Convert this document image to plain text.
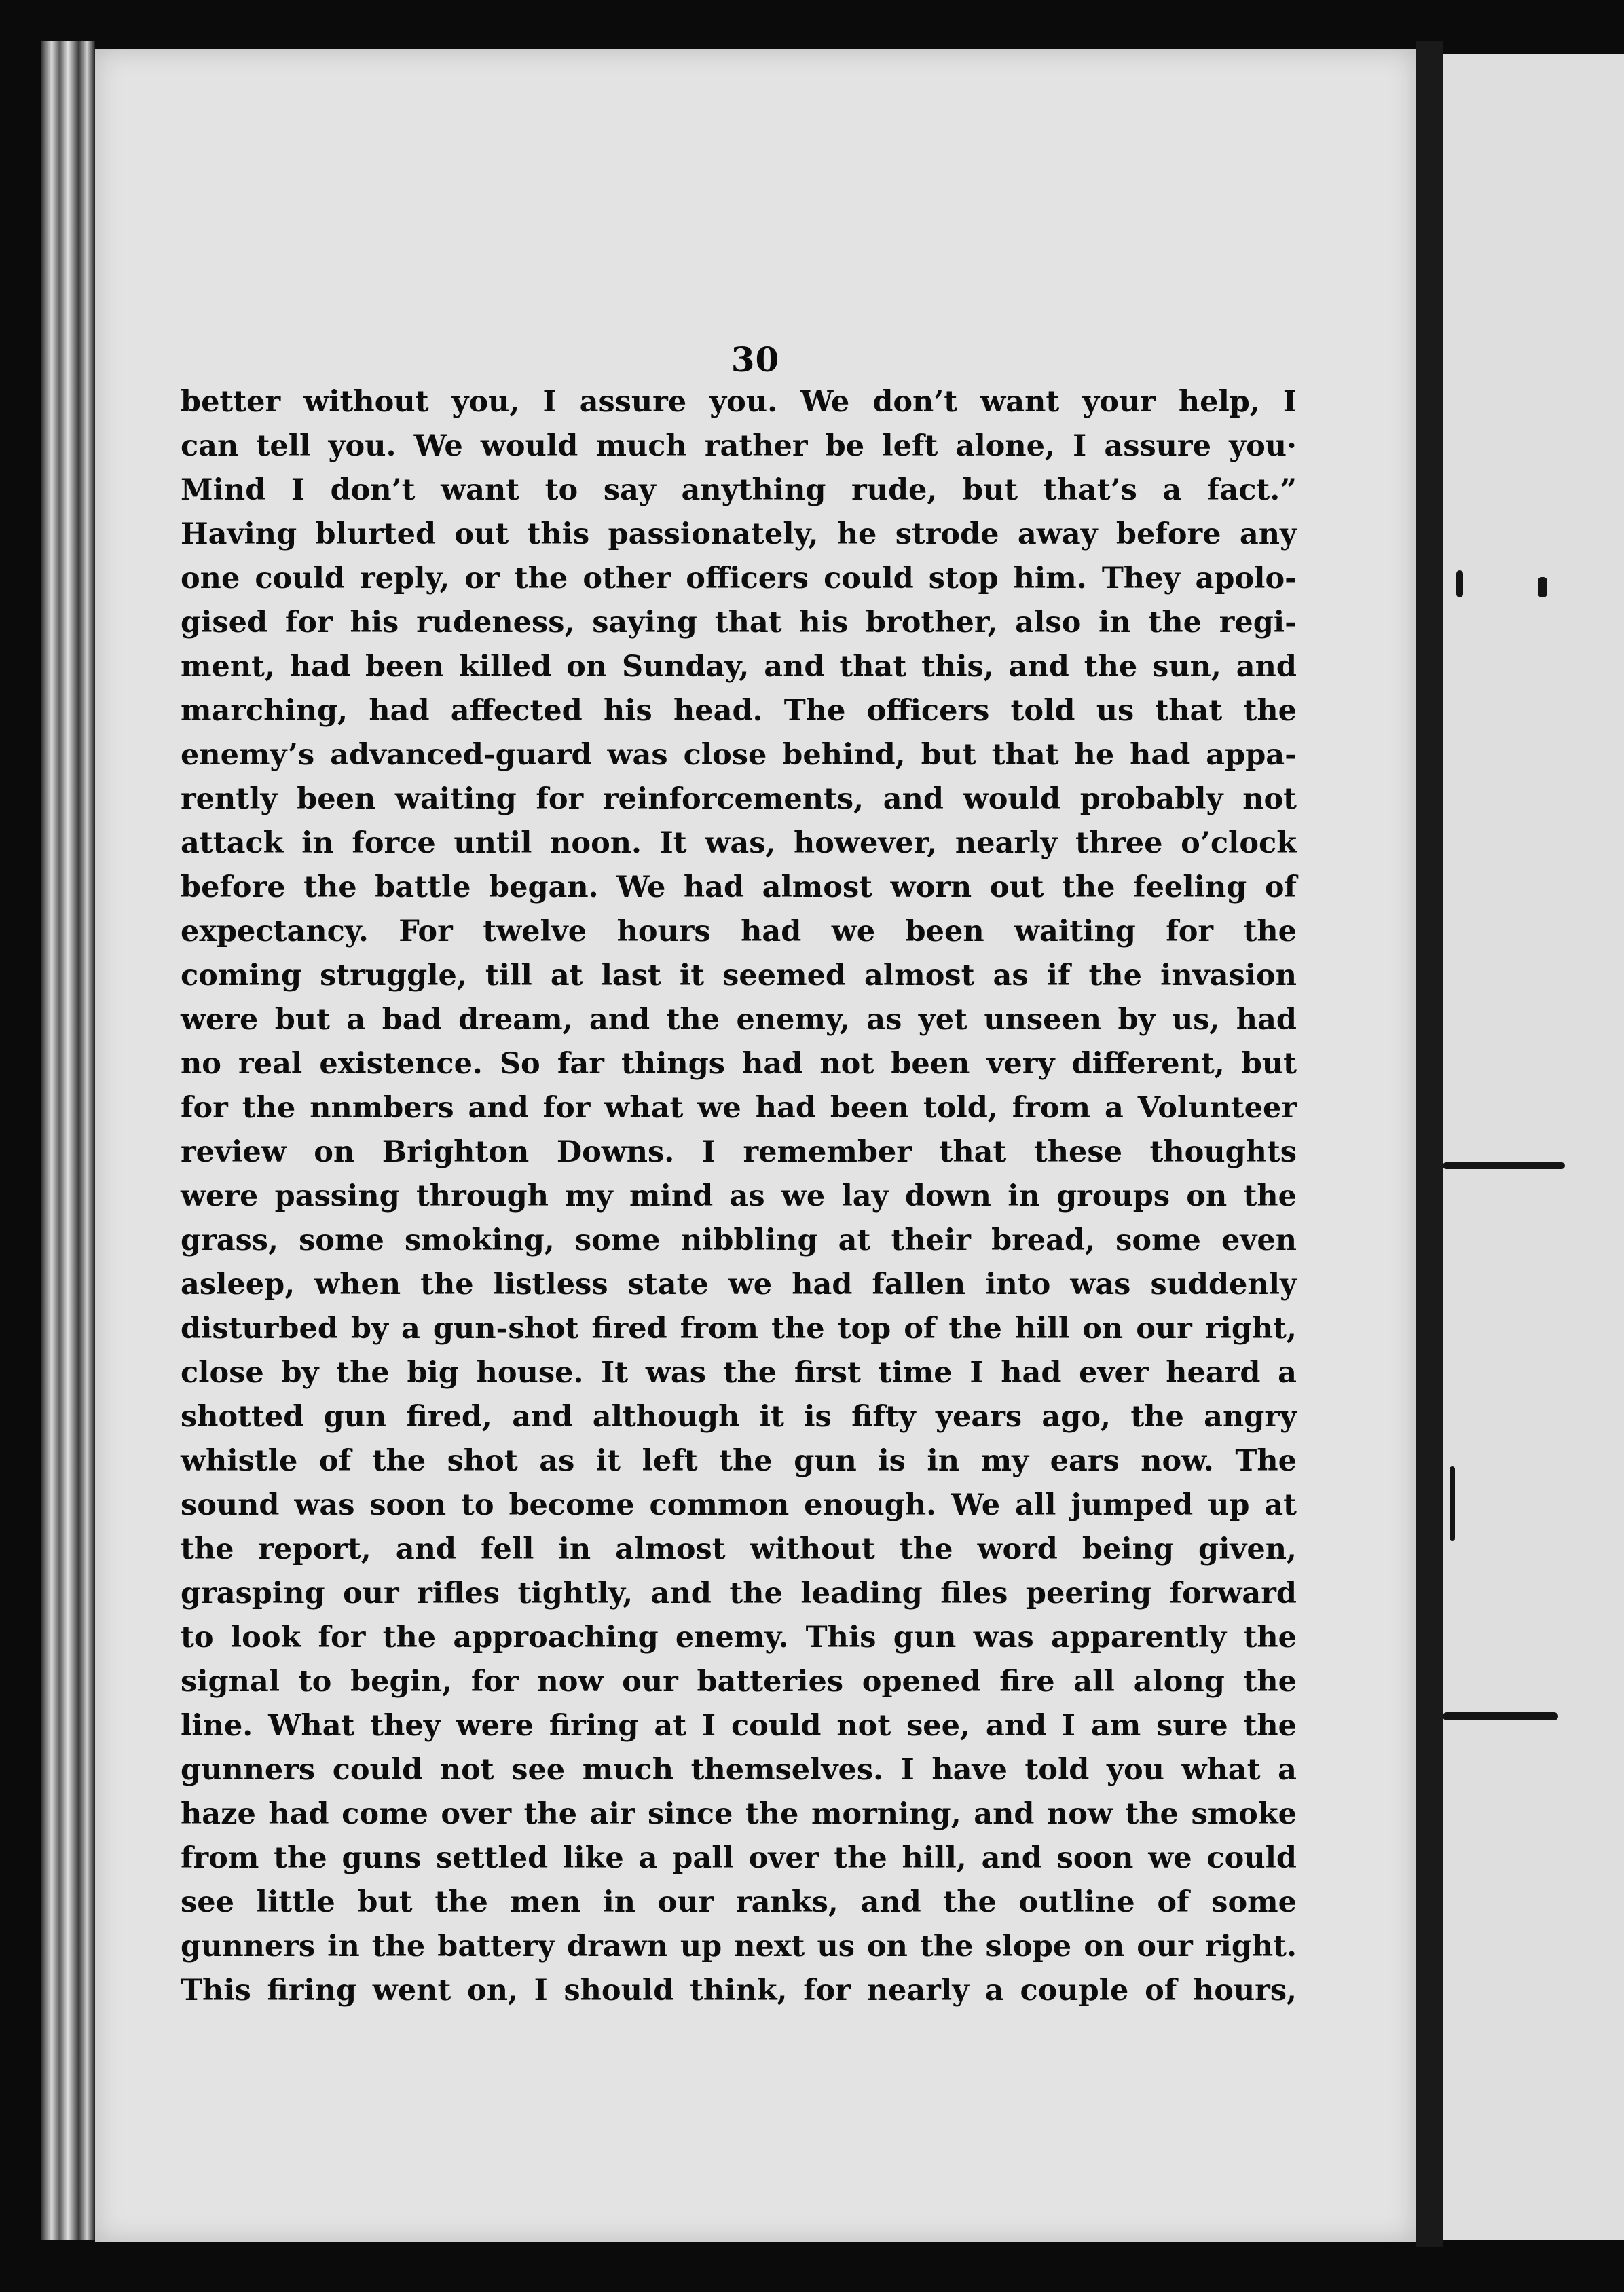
30
better without you, I assure you. We don’t want your help, I
can tell you. We would much rather be left alone, I assure you·
Mind I don’t want to say anything rude, but that’s a fact.”
Having blurted out this passionately, he strode away before any
one could reply, or the other officers could stop him. They apolo-
gised for his rudeness, saying that his brother, also in the regi-
ment, had been killed on Sunday, and that this, and the sun, and
marching, had affected his head. The officers told us that the
enemy’s advanced-guard was close behind, but that he had appa-
rently been waiting for reinforcements, and would probably not
attack in force until noon. It was, however, nearly three o’clock
before the battle began. We had almost worn out the feeling of
expectancy. For twelve hours had we been waiting for the
coming struggle, till at last it seemed almost as if the invasion
were but a bad dream, and the enemy, as yet unseen by us, had
no real existence. So far things had not been very different, but
for the nnmbers and for what we had been told, from a Volunteer
review on Brighton Downs. I remember that these thoughts
were passing through my mind as we lay down in groups on the
grass, some smoking, some nibbling at their bread, some even
asleep, when the listless state we had fallen into was suddenly
disturbed by a gun-shot fired from the top of the hill on our right,
close by the big house. It was the first time I had ever heard a
shotted gun fired, and although it is fifty years ago, the angry
whistle of the shot as it left the gun is in my ears now. The
sound was soon to become common enough. We all jumped up at
the report, and fell in almost without the word being given,
grasping our rifles tightly, and the leading files peering forward
to look for the approaching enemy. This gun was apparently the
signal to begin, for now our batteries opened fire all along the
line. What they were firing at I could not see, and I am sure the
gunners could not see much themselves. I have told you what a
haze had come over the air since the morning, and now the smoke
from the guns settled like a pall over the hill, and soon we could
see little but the men in our ranks, and the outline of some
gunners in the battery drawn up next us on the slope on our right.
This firing went on, I should think, for nearly a couple of hours,
